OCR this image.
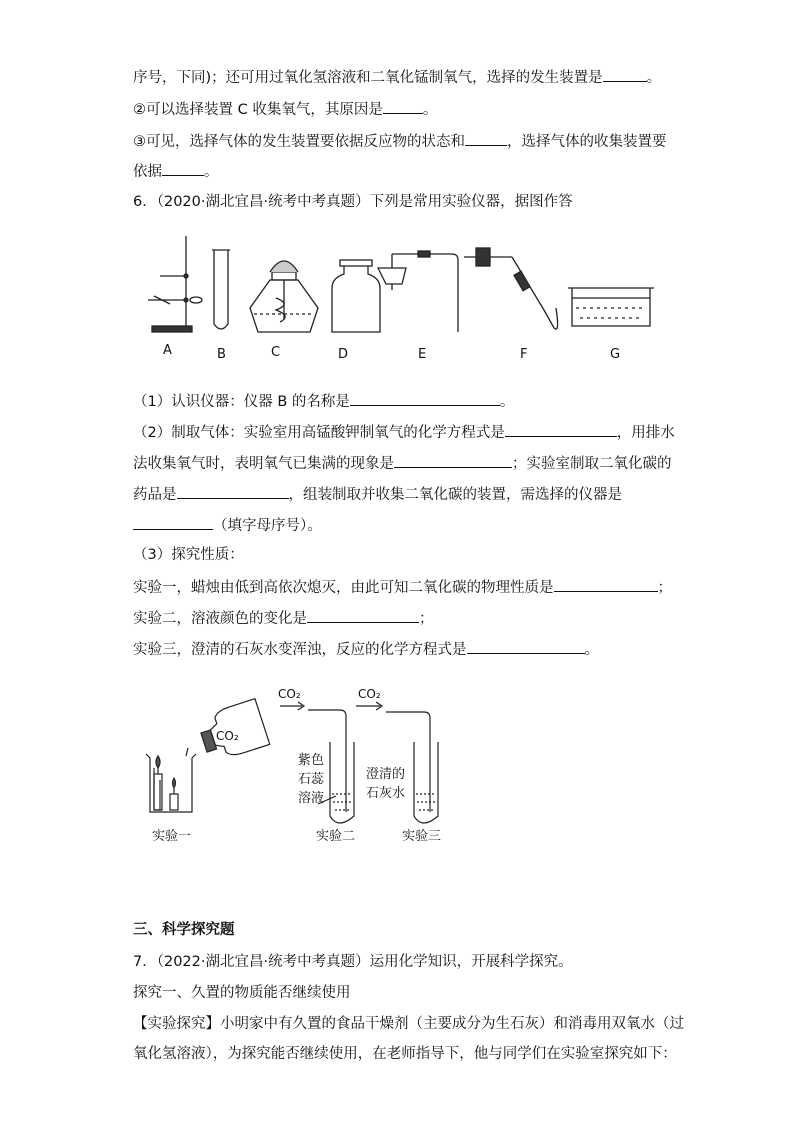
序号，下同)；还可用过氧化氢溶液和二氧化锰制氧气，选择的发生装置是	。
②可以选择装置 C 收集氧气，其原因是	。
③可见，选择气体的发生装置要依据反应物的状态和	，选择气体的收集装置要
依据	。
6．（2020·湖北宜昌·统考中考真题）下列是常用实验仪器，据图作答
A	B	C	D	E	F	G
（1）认识仪器：仪器 B 的名称是	。
（2）制取气体：实验室用高锰酸钾制氧气的化学方程式是	，用排水
法收集氧气时，表明氧气已集满的现象是	；实验室制取二氧化碳的
药品是	，组装制取并收集二氧化碳的装置，需选择的仪器是
（填字母序号）。
（3）探究性质：
实验一，蜡烛由低到高依次熄灭，由此可知二氧化碳的物理性质是	；
实验二，溶液颜色的变化是	；
实验三，澄清的石灰水变浑浊，反应的化学方程式是	。
CO₂
CO₂	CO₂
紫色
石蕊
溶液
澄清的
石灰水
实验一	实验二	实验三
三、科学探究题
7．（2022·湖北宜昌·统考中考真题）运用化学知识，开展科学探究。
探究一、久置的物质能否继续使用
【实验探究】小明家中有久置的食品干燥剂（主要成分为生石灰）和消毒用双氧水（过
氧化氢溶液），为探究能否继续使用，在老师指导下，他与同学们在实验室探究如下：
